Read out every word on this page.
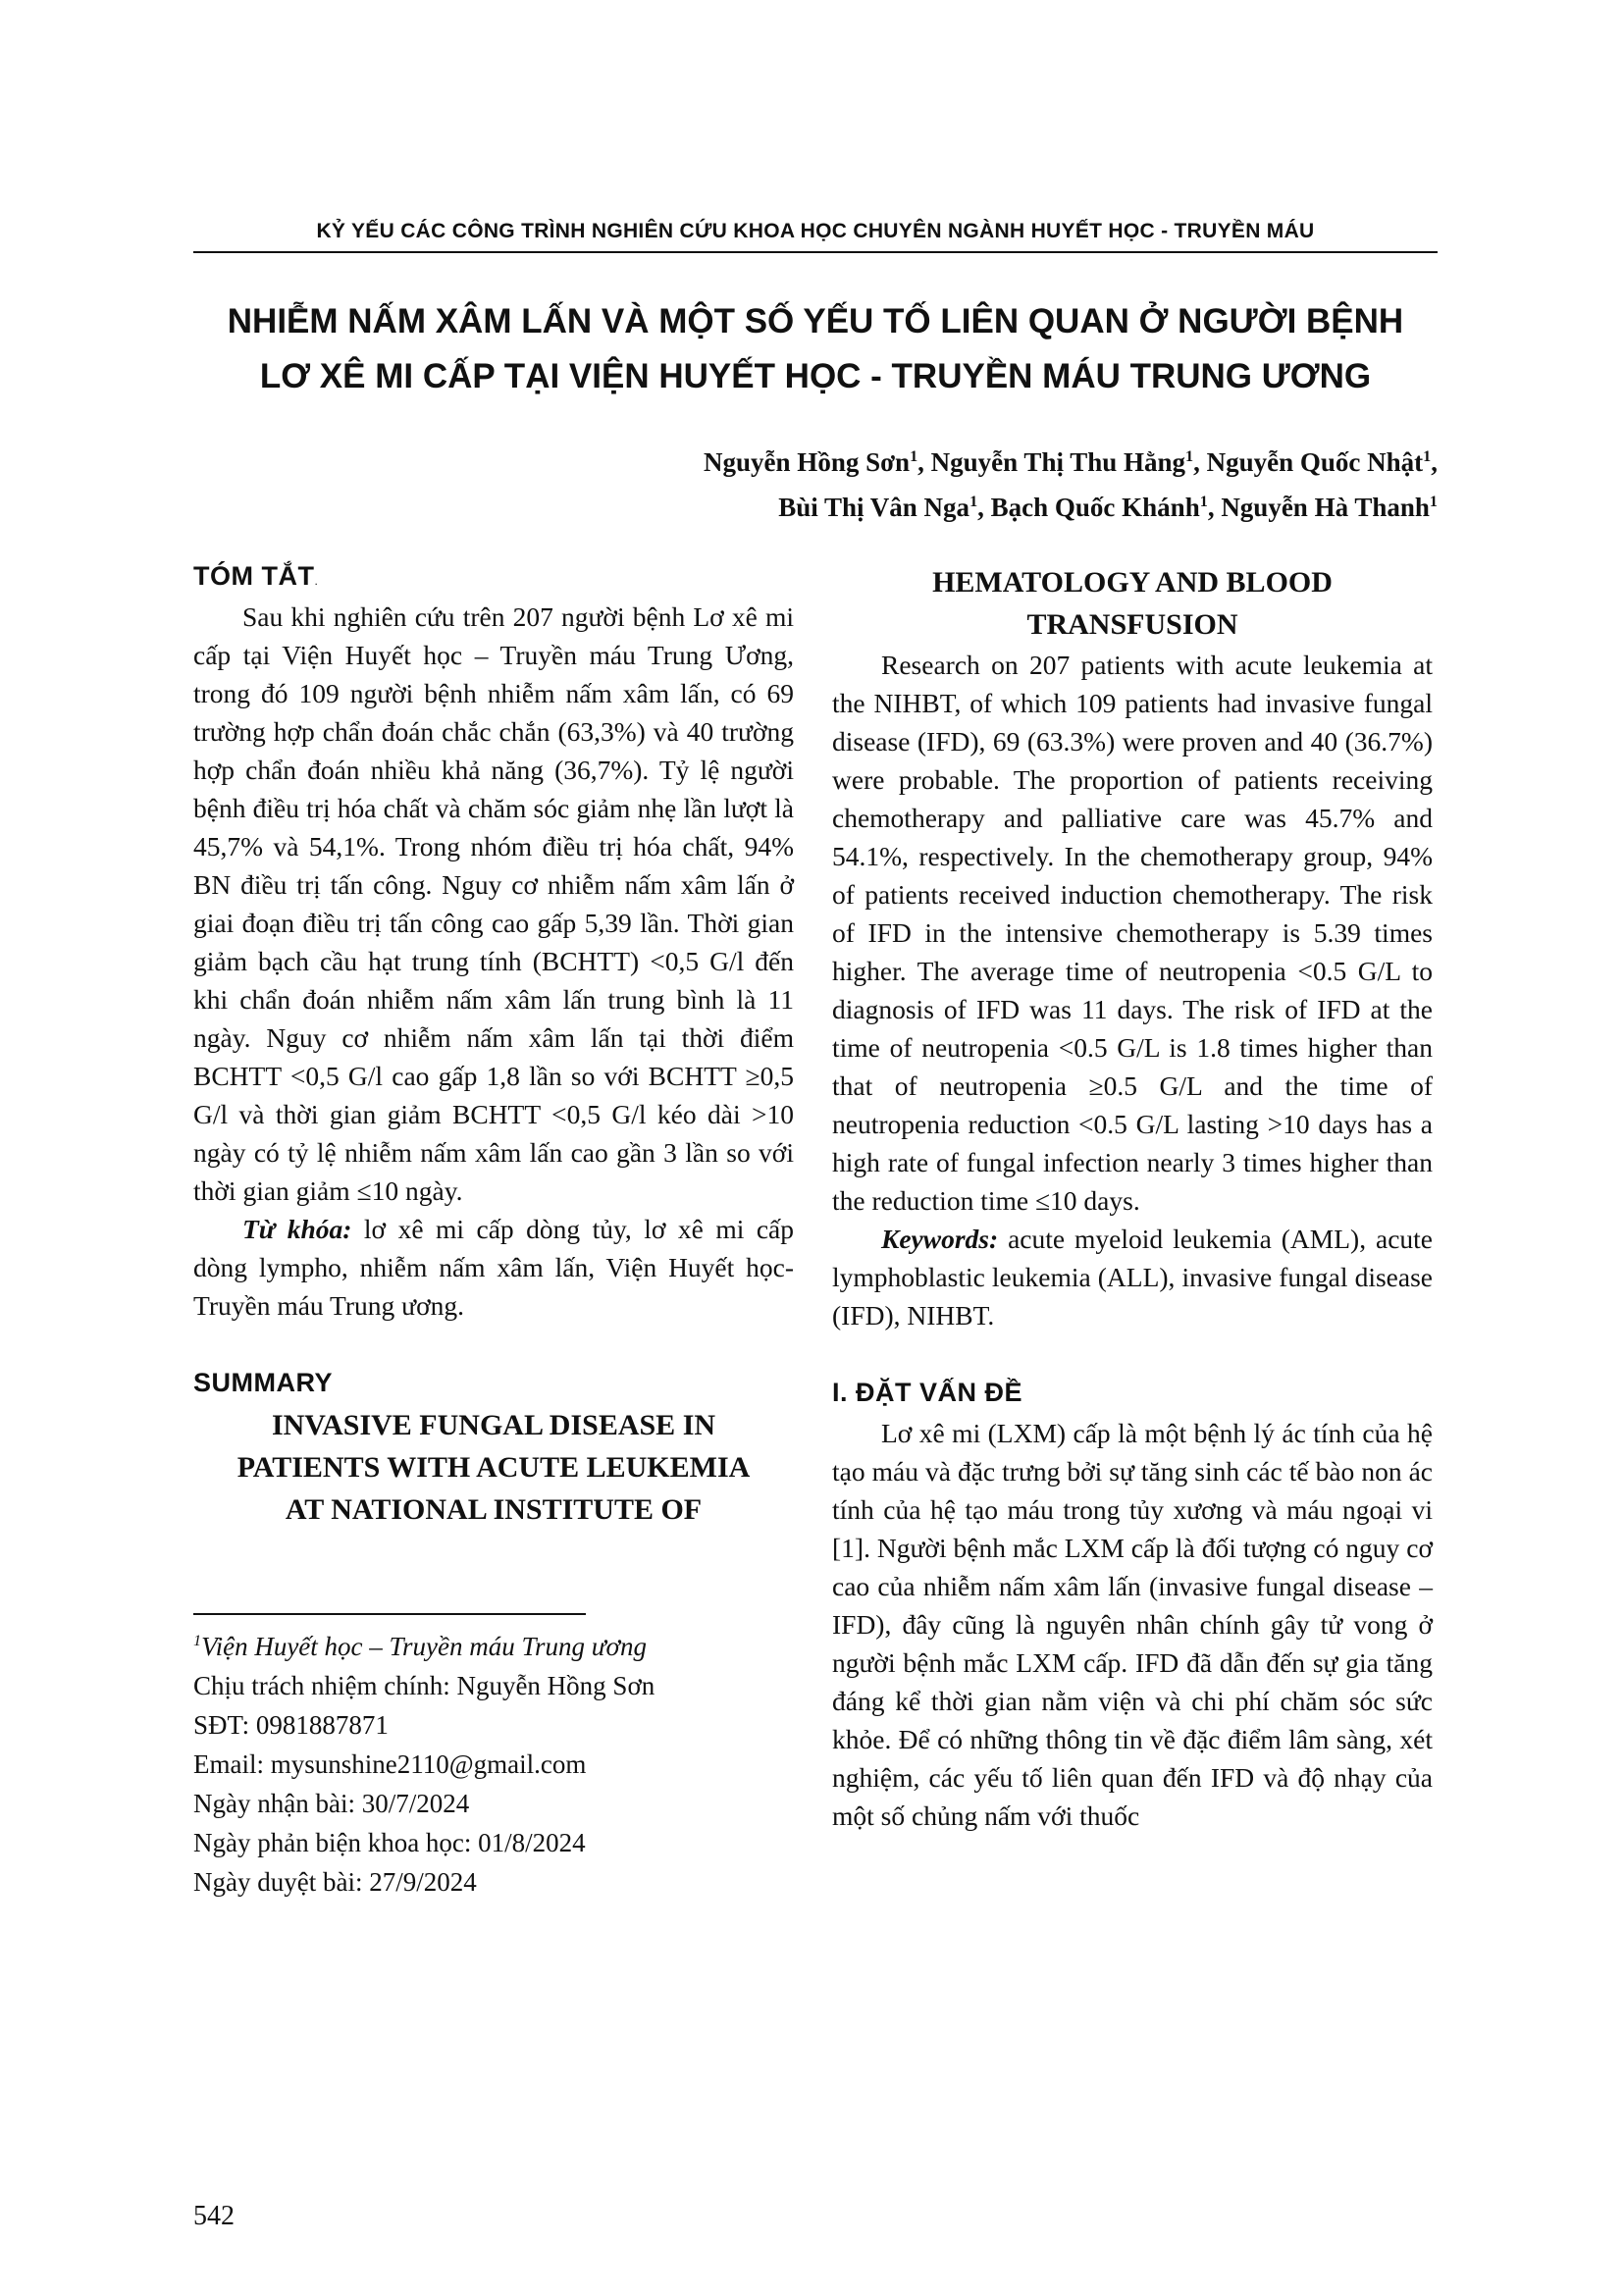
KỶ YẾU CÁC CÔNG TRÌNH NGHIÊN CỨU KHOA HỌC CHUYÊN NGÀNH HUYẾT HỌC - TRUYỀN MÁU
NHIỄM NẤM XÂM LẤN VÀ MỘT SỐ YẾU TỐ LIÊN QUAN Ở NGƯỜI BỆNH
LƠ XÊ MI CẤP TẠI VIỆN HUYẾT HỌC - TRUYỀN MÁU TRUNG ƯƠNG
Nguyễn Hồng Sơn$^1$, Nguyễn Thị Thu Hằng$^1$, Nguyễn Quốc Nhật$^1$,
Bùi Thị Vân Nga$^1$, Bạch Quốc Khánh$^1$, Nguyễn Hà Thanh$^1$
TÓM TẮT.

Sau khi nghiên cứu trên 207 người bệnh Lơ xê mi cấp tại Viện Huyết học – Truyền máu Trung Ương, trong đó 109 người bệnh nhiễm nấm xâm lấn, có 69 trường hợp chẩn đoán chắc chắn (63,3%) và 40 trường hợp chẩn đoán nhiều khả năng (36,7%). Tỷ lệ người bệnh điều trị hóa chất và chăm sóc giảm nhẹ lần lượt là 45,7% và 54,1%. Trong nhóm điều trị hóa chất, 94% BN điều trị tấn công. Nguy cơ nhiễm nấm xâm lấn ở giai đoạn điều trị tấn công cao gấp 5,39 lần. Thời gian giảm bạch cầu hạt trung tính (BCHTT) <0,5 G/l đến khi chẩn đoán nhiễm nấm xâm lấn trung bình là 11 ngày. Nguy cơ nhiễm nấm xâm lấn tại thời điểm BCHTT <0,5 G/l cao gấp 1,8 lần so với BCHTT ≥0,5 G/l và thời gian giảm BCHTT <0,5 G/l kéo dài >10 ngày có tỷ lệ nhiễm nấm xâm lấn cao gần 3 lần so với thời gian giảm ≤10 ngày.

Từ khóa: lơ xê mi cấp dòng tủy, lơ xê mi cấp dòng lympho, nhiễm nấm xâm lấn, Viện Huyết học-Truyền máu Trung ương.

SUMMARY

INVASIVE FUNGAL DISEASE IN

PATIENTS WITH ACUTE LEUKEMIA

AT NATIONAL INSTITUTE OF

$^1$Viện Huyết học – Truyền máu Trung ương

Chịu trách nhiệm chính: Nguyễn Hồng Sơn

SĐT: 0981887871

Email: mysunshine2110@gmail.com

Ngày nhận bài: 30/7/2024

Ngày phản biện khoa học: 01/8/2024

Ngày duyệt bài: 27/9/2024

HEMATOLOGY AND BLOOD

TRANSFUSION

Research on 207 patients with acute leukemia at the NIHBT, of which 109 patients had invasive fungal disease (IFD), 69 (63.3%) were proven and 40 (36.7%) were probable. The proportion of patients receiving chemotherapy and palliative care was 45.7% and 54.1%, respectively. In the chemotherapy group, 94% of patients received induction chemotherapy. The risk of IFD in the intensive chemotherapy is 5.39 times higher. The average time of neutropenia <0.5 G/L to diagnosis of IFD was 11 days. The risk of IFD at the time of neutropenia <0.5 G/L is 1.8 times higher than that of neutropenia ≥0.5 G/L and the time of neutropenia reduction <0.5 G/L lasting >10 days has a high rate of fungal infection nearly 3 times higher than the reduction time ≤10 days.

Keywords: acute myeloid leukemia (AML), acute lymphoblastic leukemia (ALL), invasive fungal disease (IFD), NIHBT.

I. ĐẶT VẤN ĐỀ

Lơ xê mi (LXM) cấp là một bệnh lý ác tính của hệ tạo máu và đặc trưng bởi sự tăng sinh các tế bào non ác tính của hệ tạo máu trong tủy xương và máu ngoại vi [1]. Người bệnh mắc LXM cấp là đối tượng có nguy cơ cao của nhiễm nấm xâm lấn (invasive fungal disease – IFD), đây cũng là nguyên nhân chính gây tử vong ở người bệnh mắc LXM cấp. IFD đã dẫn đến sự gia tăng đáng kể thời gian nằm viện và chi phí chăm sóc sức khỏe. Để có những thông tin về đặc điểm lâm sàng, xét nghiệm, các yếu tố liên quan đến IFD và độ nhạy của một số chủng nấm với thuốc

542
